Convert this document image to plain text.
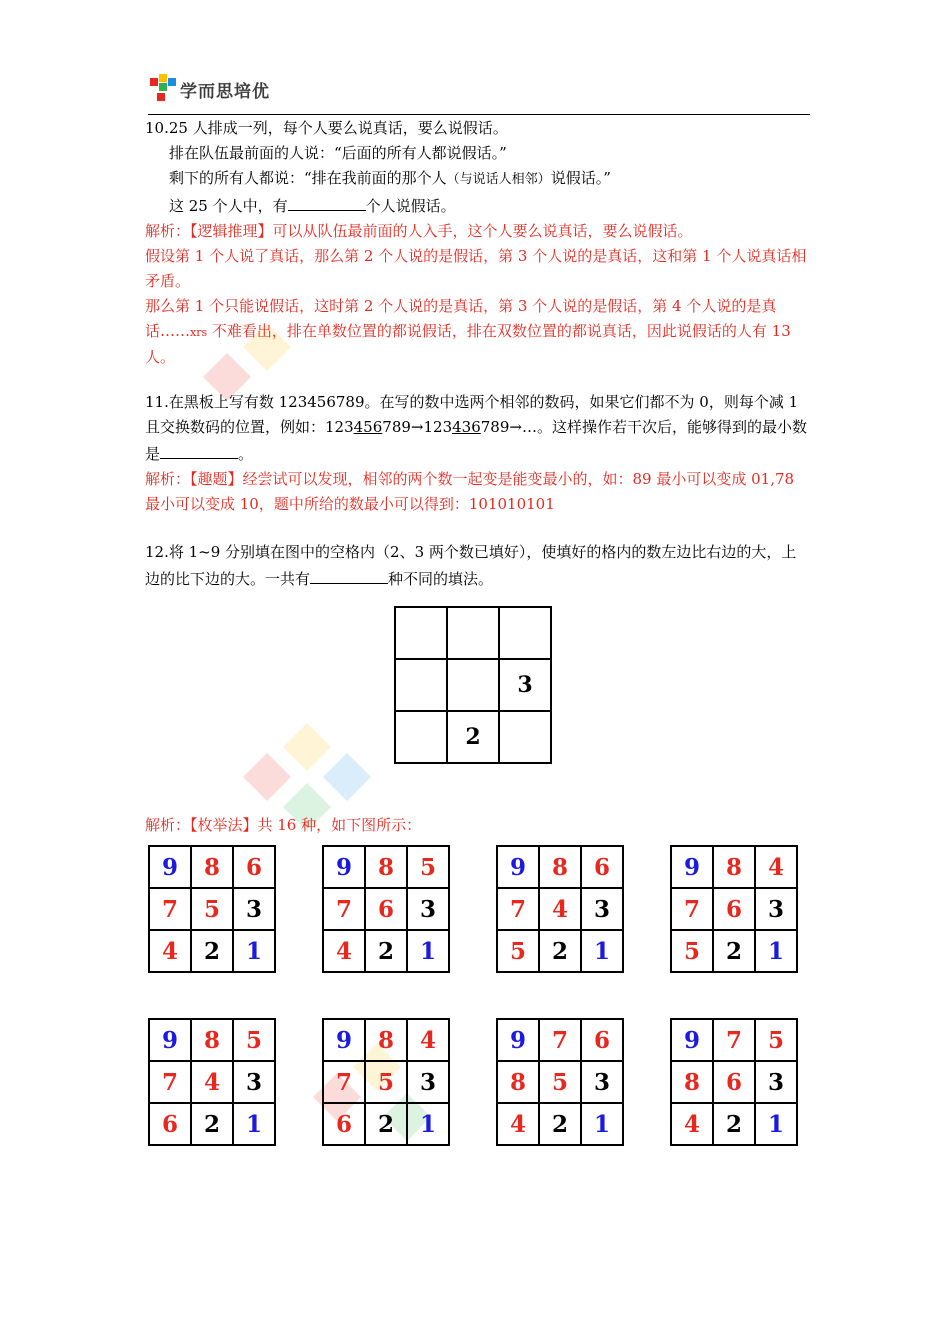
学而思培优
10.25 人排成一列，每个人要么说真话，要么说假话。
排在队伍最前面的人说：“后面的所有人都说假话。”
剩下的所有人都说：“排在我前面的那个人（与说话人相邻）说假话。”
这 25 个人中，有	个人说假话。
解析：【逻辑推理】可以从队伍最前面的人入手，这个人要么说真话，要么说假话。
假设第 1 个人说了真话，那么第 2 个人说的是假话，第 3 个人说的是真话，这和第 1 个人说真话相矛盾。
那么第 1 个只能说假话，这时第 2 个人说的是真话，第 3 个人说的是假话，第 4 个人说的是真话……xrs 不难看出，排在单数位置的都说假话，排在双数位置的都说真话，因此说假话的人有 13 人。
11.在黑板上写有数 123456789。在写的数中选两个相邻的数码，如果它们都不为 0，则每个减 1 且交换数码的位置，例如：123456789→123436789→…。这样操作若干次后，能够得到的最小数是	。
解析：【趣题】经尝试可以发现，相邻的两个数一起变是能变最小的，如：89 最小可以变成 01,78 最小可以变成 10，题中所给的数最小可以得到：101010101
12.将 1~9 分别填在图中的空格内（2、3 两个数已填好），使填好的格内的数左边比右边的大，上边的比下边的大。一共有	种不同的填法。

		3
	2	
解析：【枚举法】共 16 种，如下图所示：
9	8	6
7	5	3
4	2	1
9	8	5
7	6	3
4	2	1
9	8	6
7	4	3
5	2	1
9	8	4
7	6	3
5	2	1
9	8	5
7	4	3
6	2	1
9	8	4
7	5	3
6	2	1
9	7	6
8	5	3
4	2	1
9	7	5
8	6	3
4	2	1
